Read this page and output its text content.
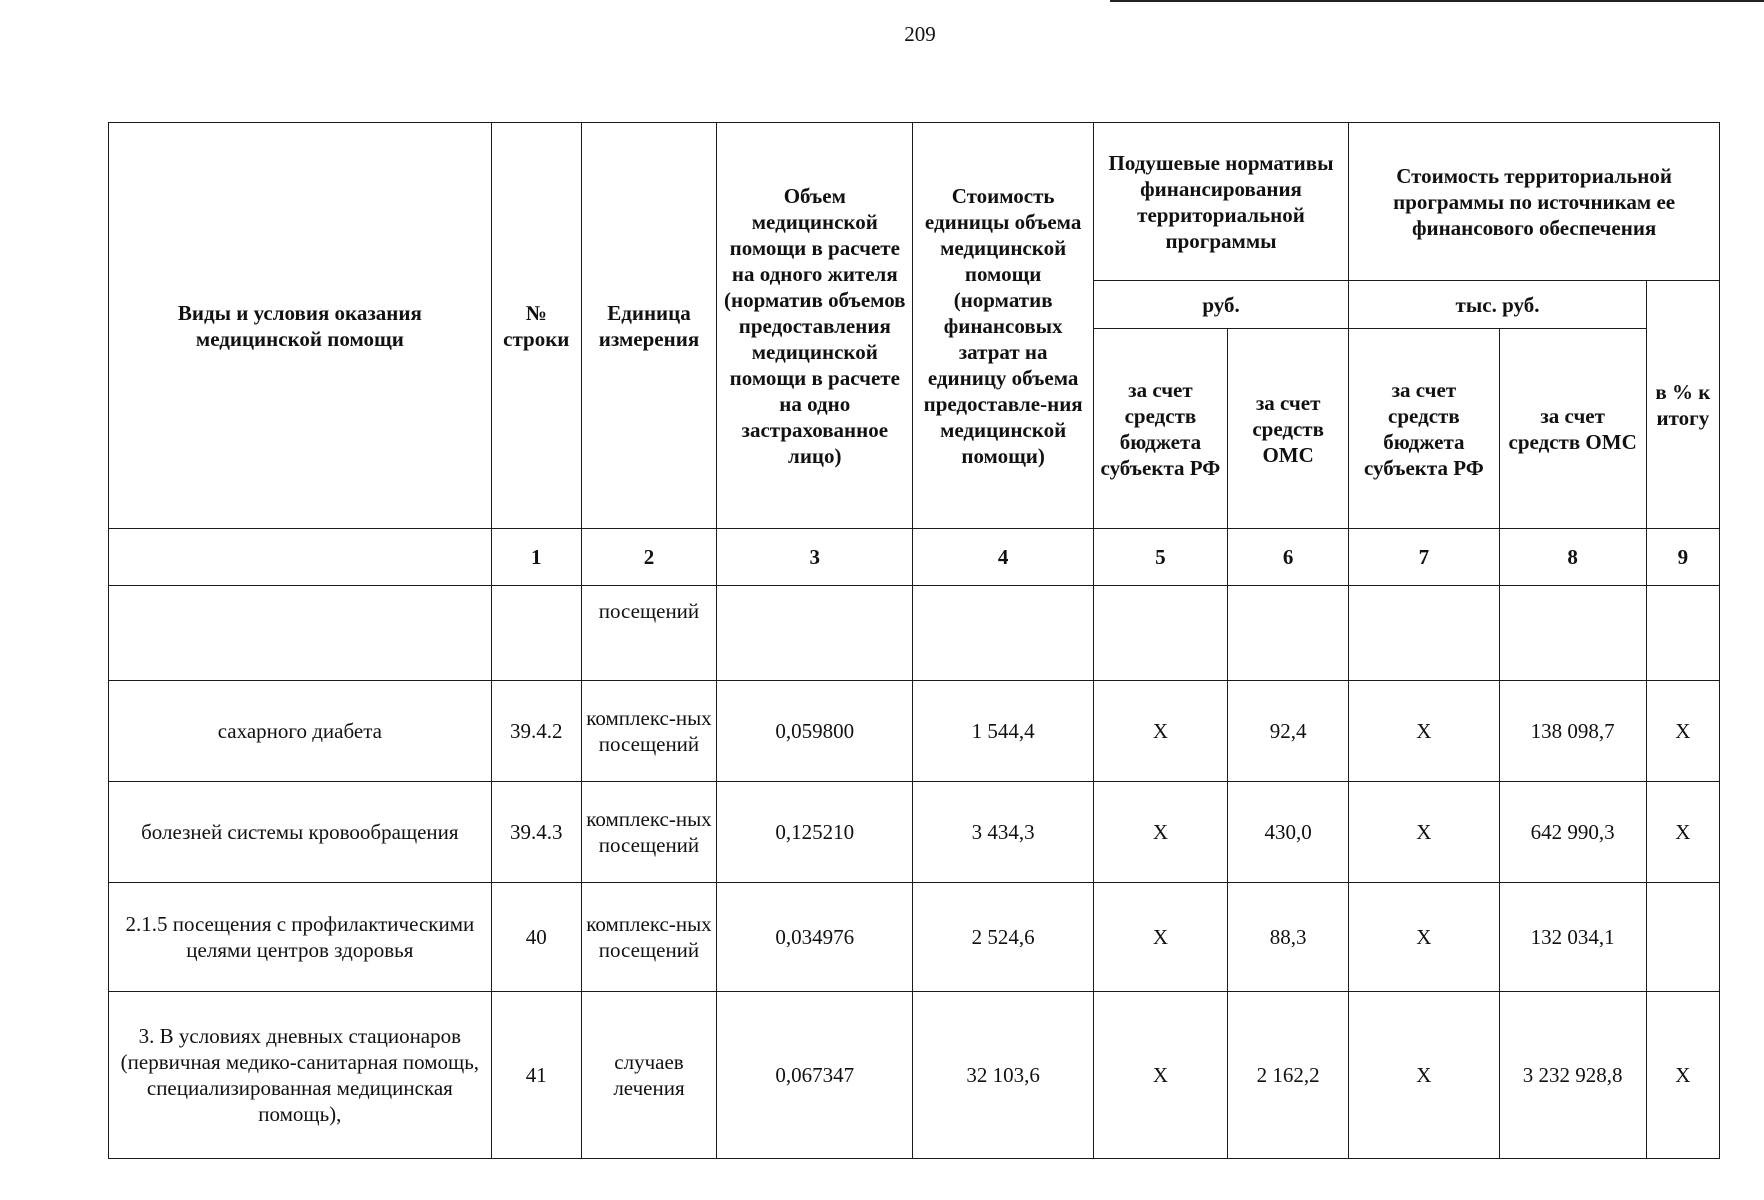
209
Виды и условия оказания медицинской помощи	№ строки	Единица измерения	Объем медицинской помощи в расчете на одного жителя (норматив объемов предоставления медицинской помощи в расчете на одно застрахованное лицо)	Стоимость единицы объема медицинской помощи (норматив финансовых затрат на единицу объема предоставле-ния медицинской помощи)	Подушевые нормативы финансирования территориальной программы		Стоимость территориальной программы по источникам ее финансового обеспечения		
					руб.		тыс. руб.		в % к итогу
					за счет средств бюджета субъекта РФ	за счет средств ОМС	за счет средств бюджета субъекта РФ	за счет средств ОМС	
	1	2	3	4	5	6	7	8	9
		посещений							
сахарного диабета	39.4.2	комплекс-ных посещений	0,059800	1 544,4	X	92,4	X	138 098,7	X
болезней системы кровообращения	39.4.3	комплекс-ных посещений	0,125210	3 434,3	X	430,0	X	642 990,3	X
2.1.5 посещения с профилактическими целями центров здоровья	40	комплекс-ных посещений	0,034976	2 524,6	X	88,3	X	132 034,1	
3. В условиях дневных стационаров (первичная медико-санитарная помощь, специализированная медицинская помощь),	41	случаев лечения	0,067347	32 103,6	X	2 162,2	X	3 232 928,8	X
